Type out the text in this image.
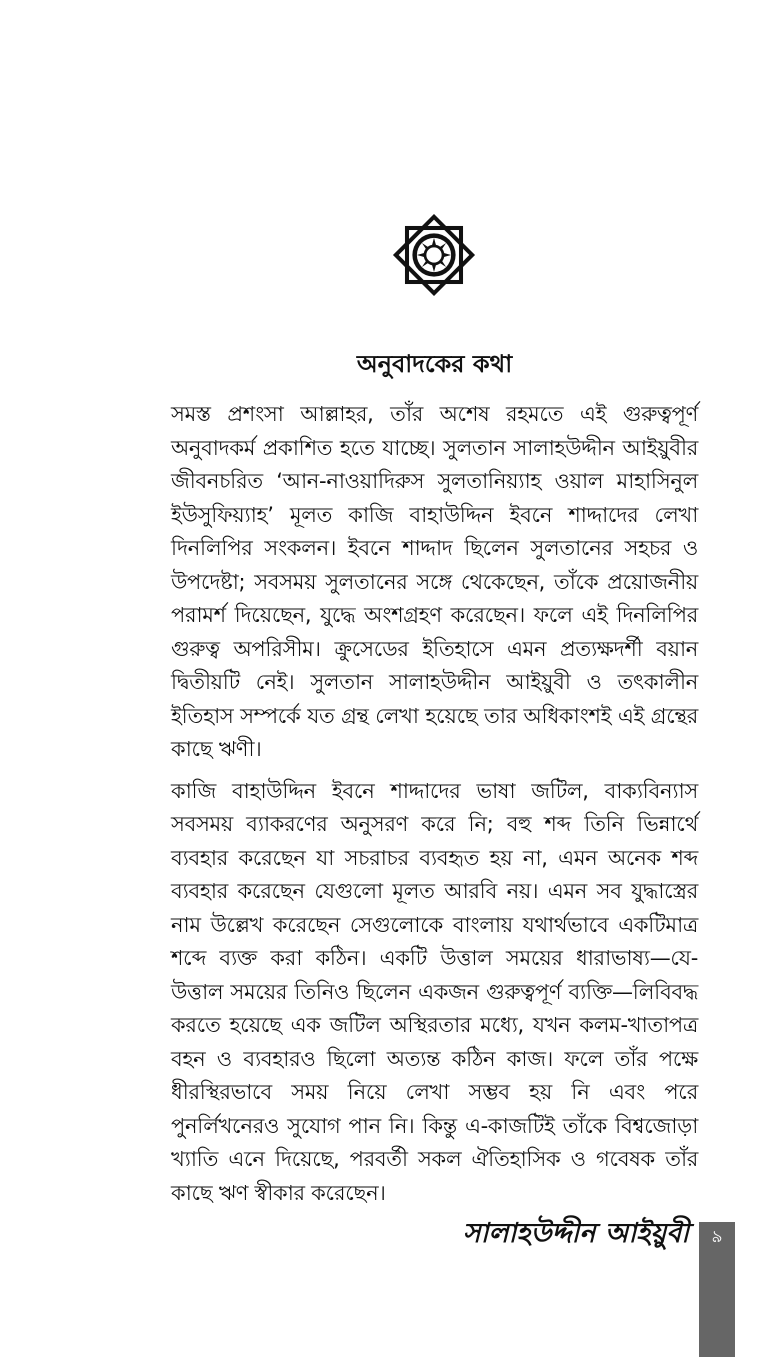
অনুবাদকের কথা

সমস্ত প্রশংসা আল্লাহর, তাঁর অশেষ রহমতে এই গুরুত্বপূর্ণ অনুবাদকর্ম প্রকাশিত হতে যাচ্ছে। সুলতান সালাহউদ্দীন আইয়ুবীর জীবনচরিত ‘আন-নাওয়াদিরুস সুলতানিয়্যাহ ওয়াল মাহাসিনুল ইউসুফিয়্যাহ’ মূলত কাজি বাহাউদ্দিন ইবনে শাদ্দাদের লেখা দিনলিপির সংকলন। ইবনে শাদ্দাদ ছিলেন সুলতানের সহচর ও উপদেষ্টা; সবসময় সুলতানের সঙ্গে থেকেছেন, তাঁকে প্রয়োজনীয় পরামর্শ দিয়েছেন, যুদ্ধে অংশগ্রহণ করেছেন। ফলে এই দিনলিপির গুরুত্ব অপরিসীম। ক্রুসেডের ইতিহাসে এমন প্রত্যক্ষদর্শী বয়ান দ্বিতীয়টি নেই। সুলতান সালাহউদ্দীন আইয়ুবী ও তৎকালীন ইতিহাস সম্পর্কে যত গ্রন্থ লেখা হয়েছে তার অধিকাংশই এই গ্রন্থের কাছে ঋণী।

কাজি বাহাউদ্দিন ইবনে শাদ্দাদের ভাষা জটিল, বাক্যবিন্যাস সবসময় ব্যাকরণের অনুসরণ করে নি; বহু শব্দ তিনি ভিন্নার্থে ব্যবহার করেছেন যা সচরাচর ব্যবহৃত হয় না, এমন অনেক শব্দ ব্যবহার করেছেন যেগুলো মূলত আরবি নয়। এমন সব যুদ্ধাস্ত্রের নাম উল্লেখ করেছেন সেগুলোকে বাংলায় যথার্থভাবে একটিমাত্র শব্দে ব্যক্ত করা কঠিন। একটি উত্তাল সময়ের ধারাভাষ্য—যে-উত্তাল সময়ের তিনিও ছিলেন একজন গুরুত্বপূর্ণ ব্যক্তি—লিবিবদ্ধ করতে হয়েছে এক জটিল অস্থিরতার মধ্যে, যখন কলম-খাতাপত্র বহন ও ব্যবহারও ছিলো অত্যন্ত কঠিন কাজ। ফলে তাঁর পক্ষে ধীরস্থিরভাবে সময় নিয়ে লেখা সম্ভব হয় নি এবং পরে পুনর্লিখনেরও সুযোগ পান নি। কিন্তু এ-কাজটিই তাঁকে বিশ্বজোড়া খ্যাতি এনে দিয়েছে, পরবর্তী সকল ঐতিহাসিক ও গবেষক তাঁর কাছে ঋণ স্বীকার করেছেন।

সালাহউদ্দীন আইয়ুবী	৯
